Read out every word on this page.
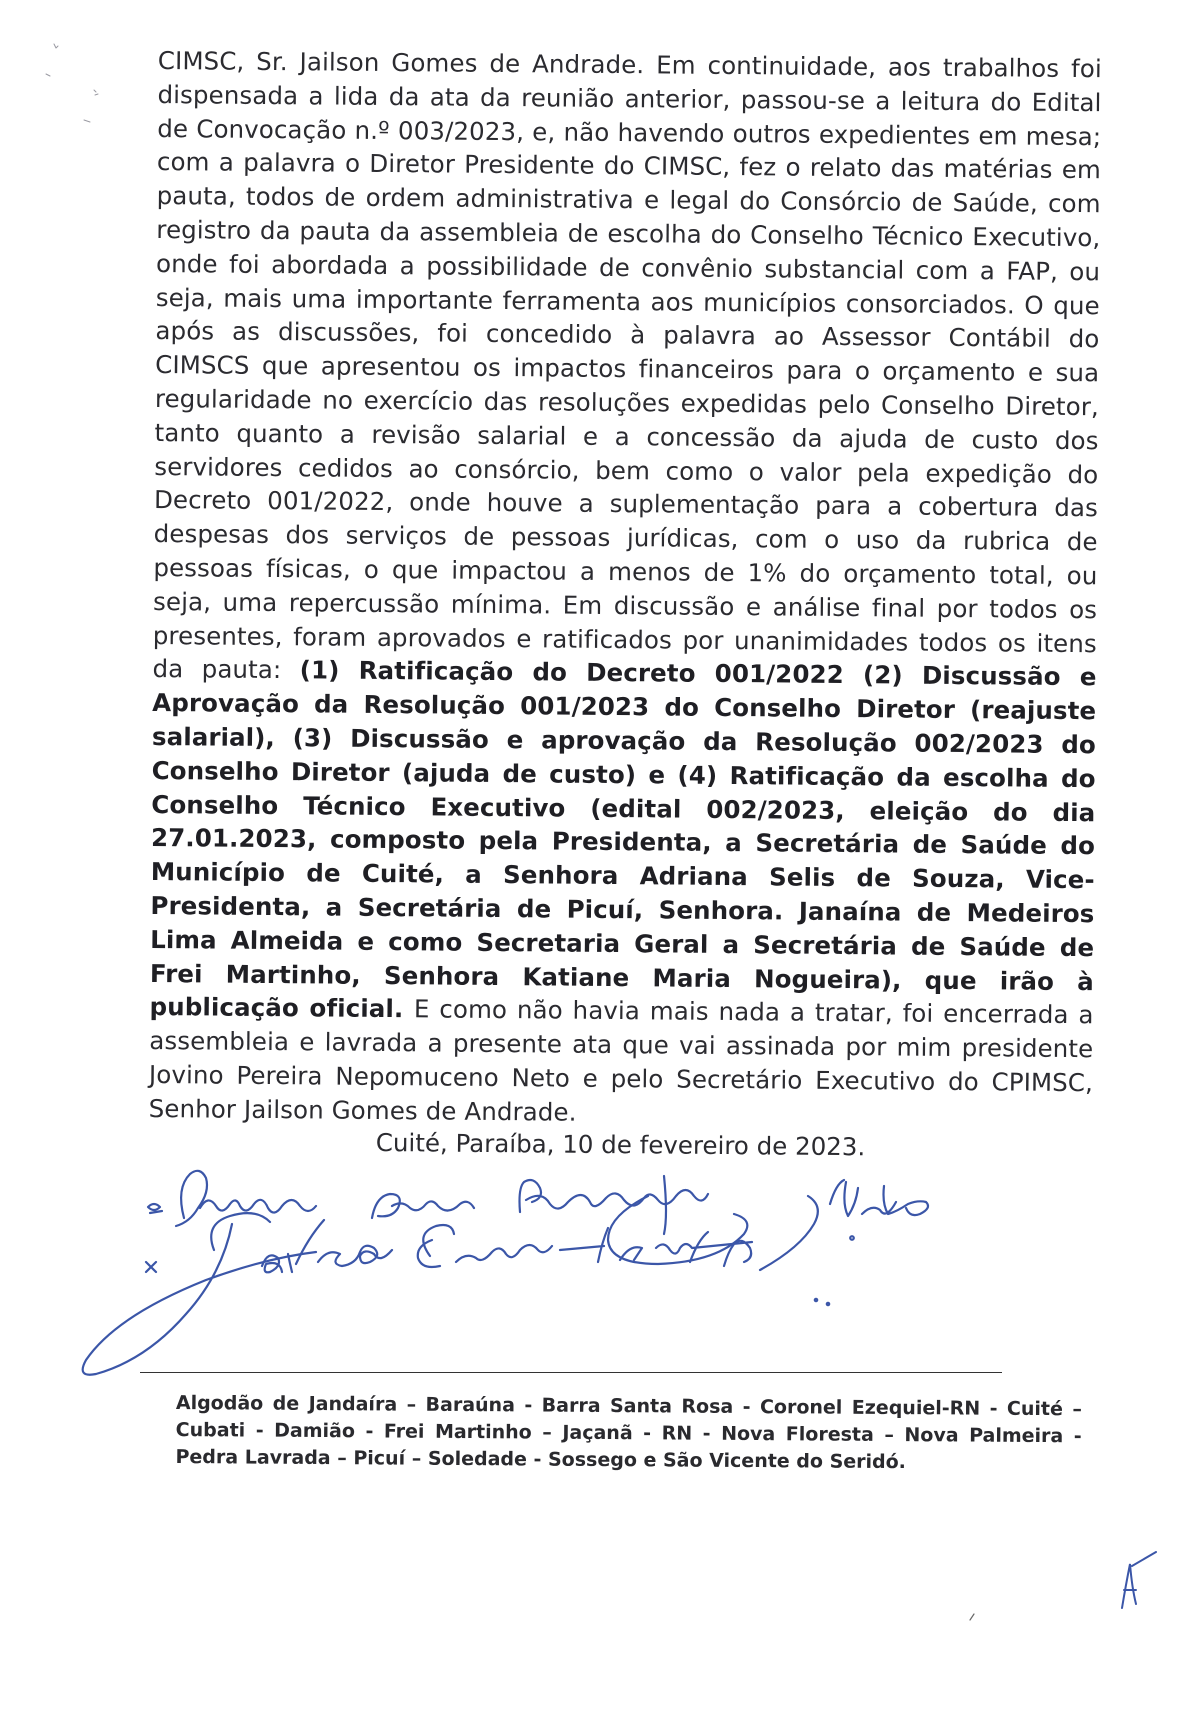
CIMSC, Sr. Jailson Gomes de Andrade. Em continuidade, aos trabalhos foi dispensada a lida da ata da reunião anterior, passou-se a leitura do Edital de Convocação n.º 003/2023, e, não havendo outros expedientes em mesa; com a palavra o Diretor Presidente do CIMSC, fez o relato das matérias em pauta, todos de ordem administrativa e legal do Consórcio de Saúde, com registro da pauta da assembleia de escolha do Conselho Técnico Executivo, onde foi abordada a possibilidade de convênio substancial com a FAP, ou seja, mais uma importante ferramenta aos municípios consorciados. O que após as discussões, foi concedido à palavra ao Assessor Contábil do CIMSCS que apresentou os impactos financeiros para o orçamento e sua regularidade no exercício das resoluções expedidas pelo Conselho Diretor, tanto quanto a revisão salarial e a concessão da ajuda de custo dos servidores cedidos ao consórcio, bem como o valor pela expedição do Decreto 001/2022, onde houve a suplementação para a cobertura das despesas dos serviços de pessoas jurídicas, com o uso da rubrica de pessoas físicas, o que impactou a menos de 1% do orçamento total, ou seja, uma repercussão mínima. Em discussão e análise final por todos os presentes, foram aprovados e ratificados por unanimidades todos os itens da pauta: (1) Ratificação do Decreto 001/2022 (2) Discussão e Aprovação da Resolução 001/2023 do Conselho Diretor (reajuste salarial), (3) Discussão e aprovação da Resolução 002/2023 do Conselho Diretor (ajuda de custo) e (4) Ratificação da escolha do Conselho Técnico Executivo (edital 002/2023, eleição do dia 27.01.2023, composto pela Presidenta, a Secretária de Saúde do Município de Cuité, a Senhora Adriana Selis de Souza, Vice-Presidenta, a Secretária de Picuí, Senhora. Janaína de Medeiros Lima Almeida e como Secretaria Geral a Secretária de Saúde de Frei Martinho, Senhora Katiane Maria Nogueira), que irão à publicação oficial. E como não havia mais nada a tratar, foi encerrada a assembleia e lavrada a presente ata que vai assinada por mim presidente Jovino Pereira Nepomuceno Neto e pelo Secretário Executivo do CPIMSC, Senhor Jailson Gomes de Andrade.

Cuité, Paraíba, 10 de fevereiro de 2023.
Algodão de Jandaíra – Baraúna - Barra Santa Rosa - Coronel Ezequiel-RN - Cuité – Cubati - Damião - Frei Martinho – Jaçanã - RN - Nova Floresta – Nova Palmeira - Pedra Lavrada – Picuí – Soledade - Sossego e São Vicente do Seridó.
